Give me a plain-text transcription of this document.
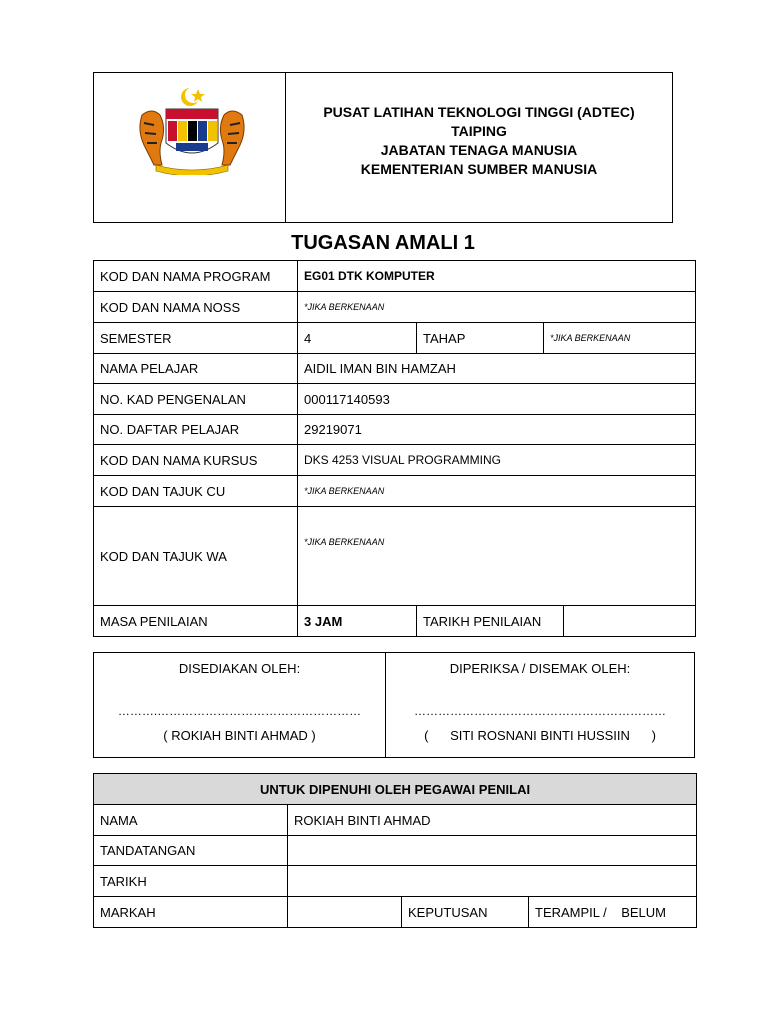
PUSAT LATIHAN TEKNOLOGI TINGGI (ADTEC)
TAIPING
JABATAN TENAGA MANUSIA
KEMENTERIAN SUMBER MANUSIA
TUGASAN AMALI 1
KOD DAN NAMA PROGRAM	EG01 DTK KOMPUTER			
KOD DAN NAMA NOSS	*JIKA BERKENAAN			
SEMESTER	4	TAHAP	*JIKA BERKENAAN	
NAMA PELAJAR	AIDIL IMAN BIN HAMZAH			
NO. KAD PENGENALAN	000117140593			
NO. DAFTAR PELAJAR	29219071			
KOD DAN NAMA KURSUS	DKS 4253 VISUAL PROGRAMMING			
KOD DAN TAJUK CU	*JIKA BERKENAAN			
KOD DAN TAJUK WA	*JIKA BERKENAAN			
MASA PENILAIAN	3 JAM	TARIKH PENILAIAN		
DISEDIAKAN OLEH:
……….……………………………………………
( ROKIAH BINTI AHMAD )

DIPERIKSA / DISEMAK OLEH:
………………………………………………………
(      SITI ROSNANI BINTI HUSSIIN      )
UNTUK DIPENUHI OLEH PEGAWAI PENILAI			
NAMA	ROKIAH BINTI AHMAD		
TANDATANGAN			
TARIKH			
MARKAH		KEPUTUSAN	TERAMPIL /    BELUM
